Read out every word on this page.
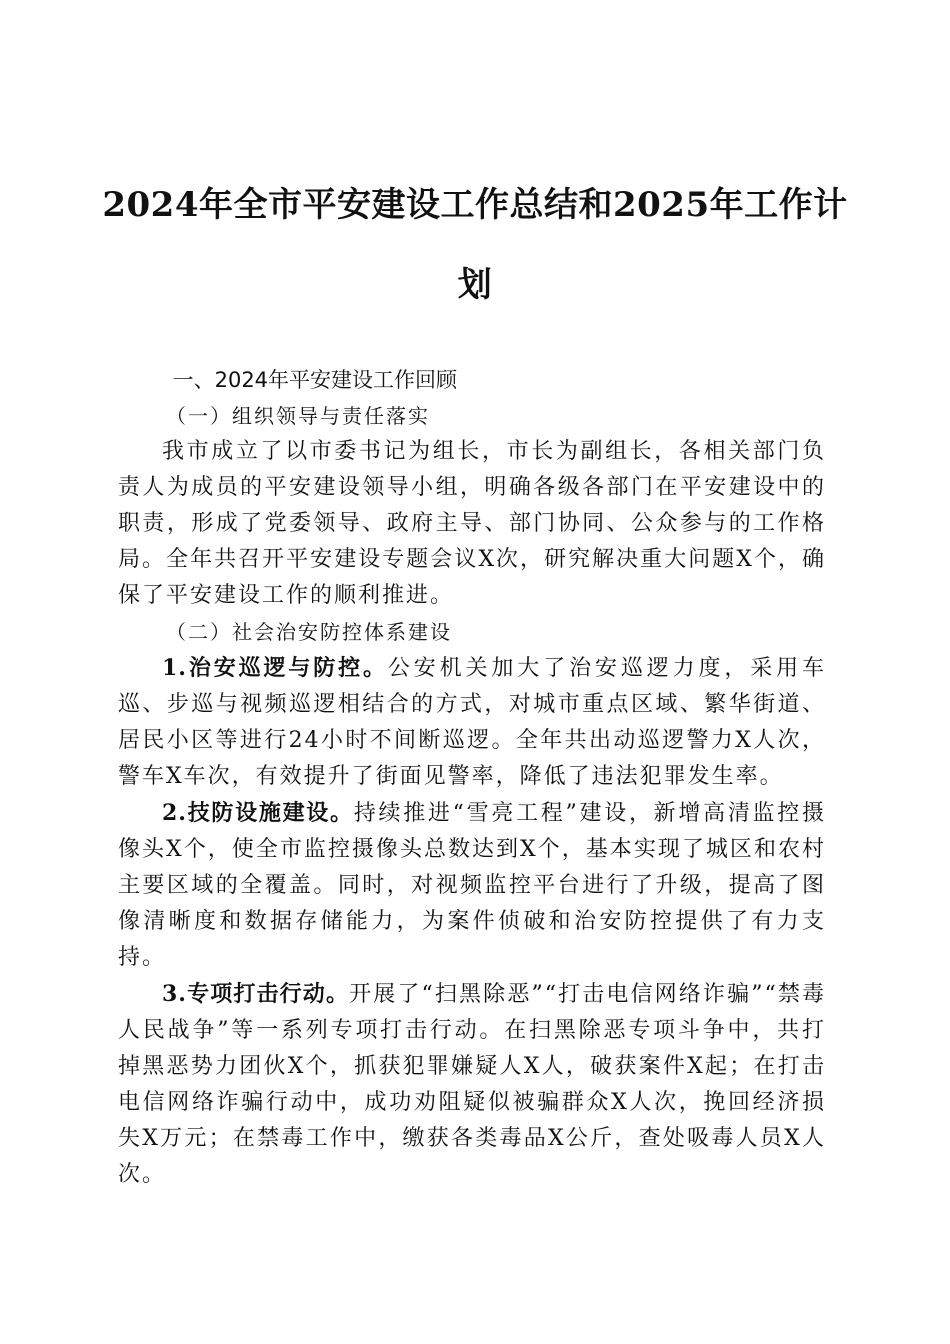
2024年全市平安建设工作总结和2025年工作计划
一、2024年平安建设工作回顾
（一）组织领导与责任落实

我市成立了以市委书记为组长，市长为副组长，各相关部门负责人为成员的平安建设领导小组，明确各级各部门在平安建设中的职责，形成了党委领导、政府主导、部门协同、公众参与的工作格局。全年共召开平安建设专题会议X次，研究解决重大问题X个，确保了平安建设工作的顺利推进。

（二）社会治安防控体系建设

1.治安巡逻与防控。公安机关加大了治安巡逻力度，采用车巡、步巡与视频巡逻相结合的方式，对城市重点区域、繁华街道、居民小区等进行24小时不间断巡逻。全年共出动巡逻警力X人次，警车X车次，有效提升了街面见警率，降低了违法犯罪发生率。

2.技防设施建设。持续推进“雪亮工程”建设，新增高清监控摄像头X个，使全市监控摄像头总数达到X个，基本实现了城区和农村主要区域的全覆盖。同时，对视频监控平台进行了升级，提高了图像清晰度和数据存储能力，为案件侦破和治安防控提供了有力支持。

3.专项打击行动。开展了“扫黑除恶”“打击电信网络诈骗”“禁毒人民战争”等一系列专项打击行动。在扫黑除恶专项斗争中，共打掉黑恶势力团伙X个，抓获犯罪嫌疑人X人，破获案件X起；在打击电信网络诈骗行动中，成功劝阻疑似被骗群众X人次，挽回经济损失X万元；在禁毒工作中，缴获各类毒品X公斤，查处吸毒人员X人次。
